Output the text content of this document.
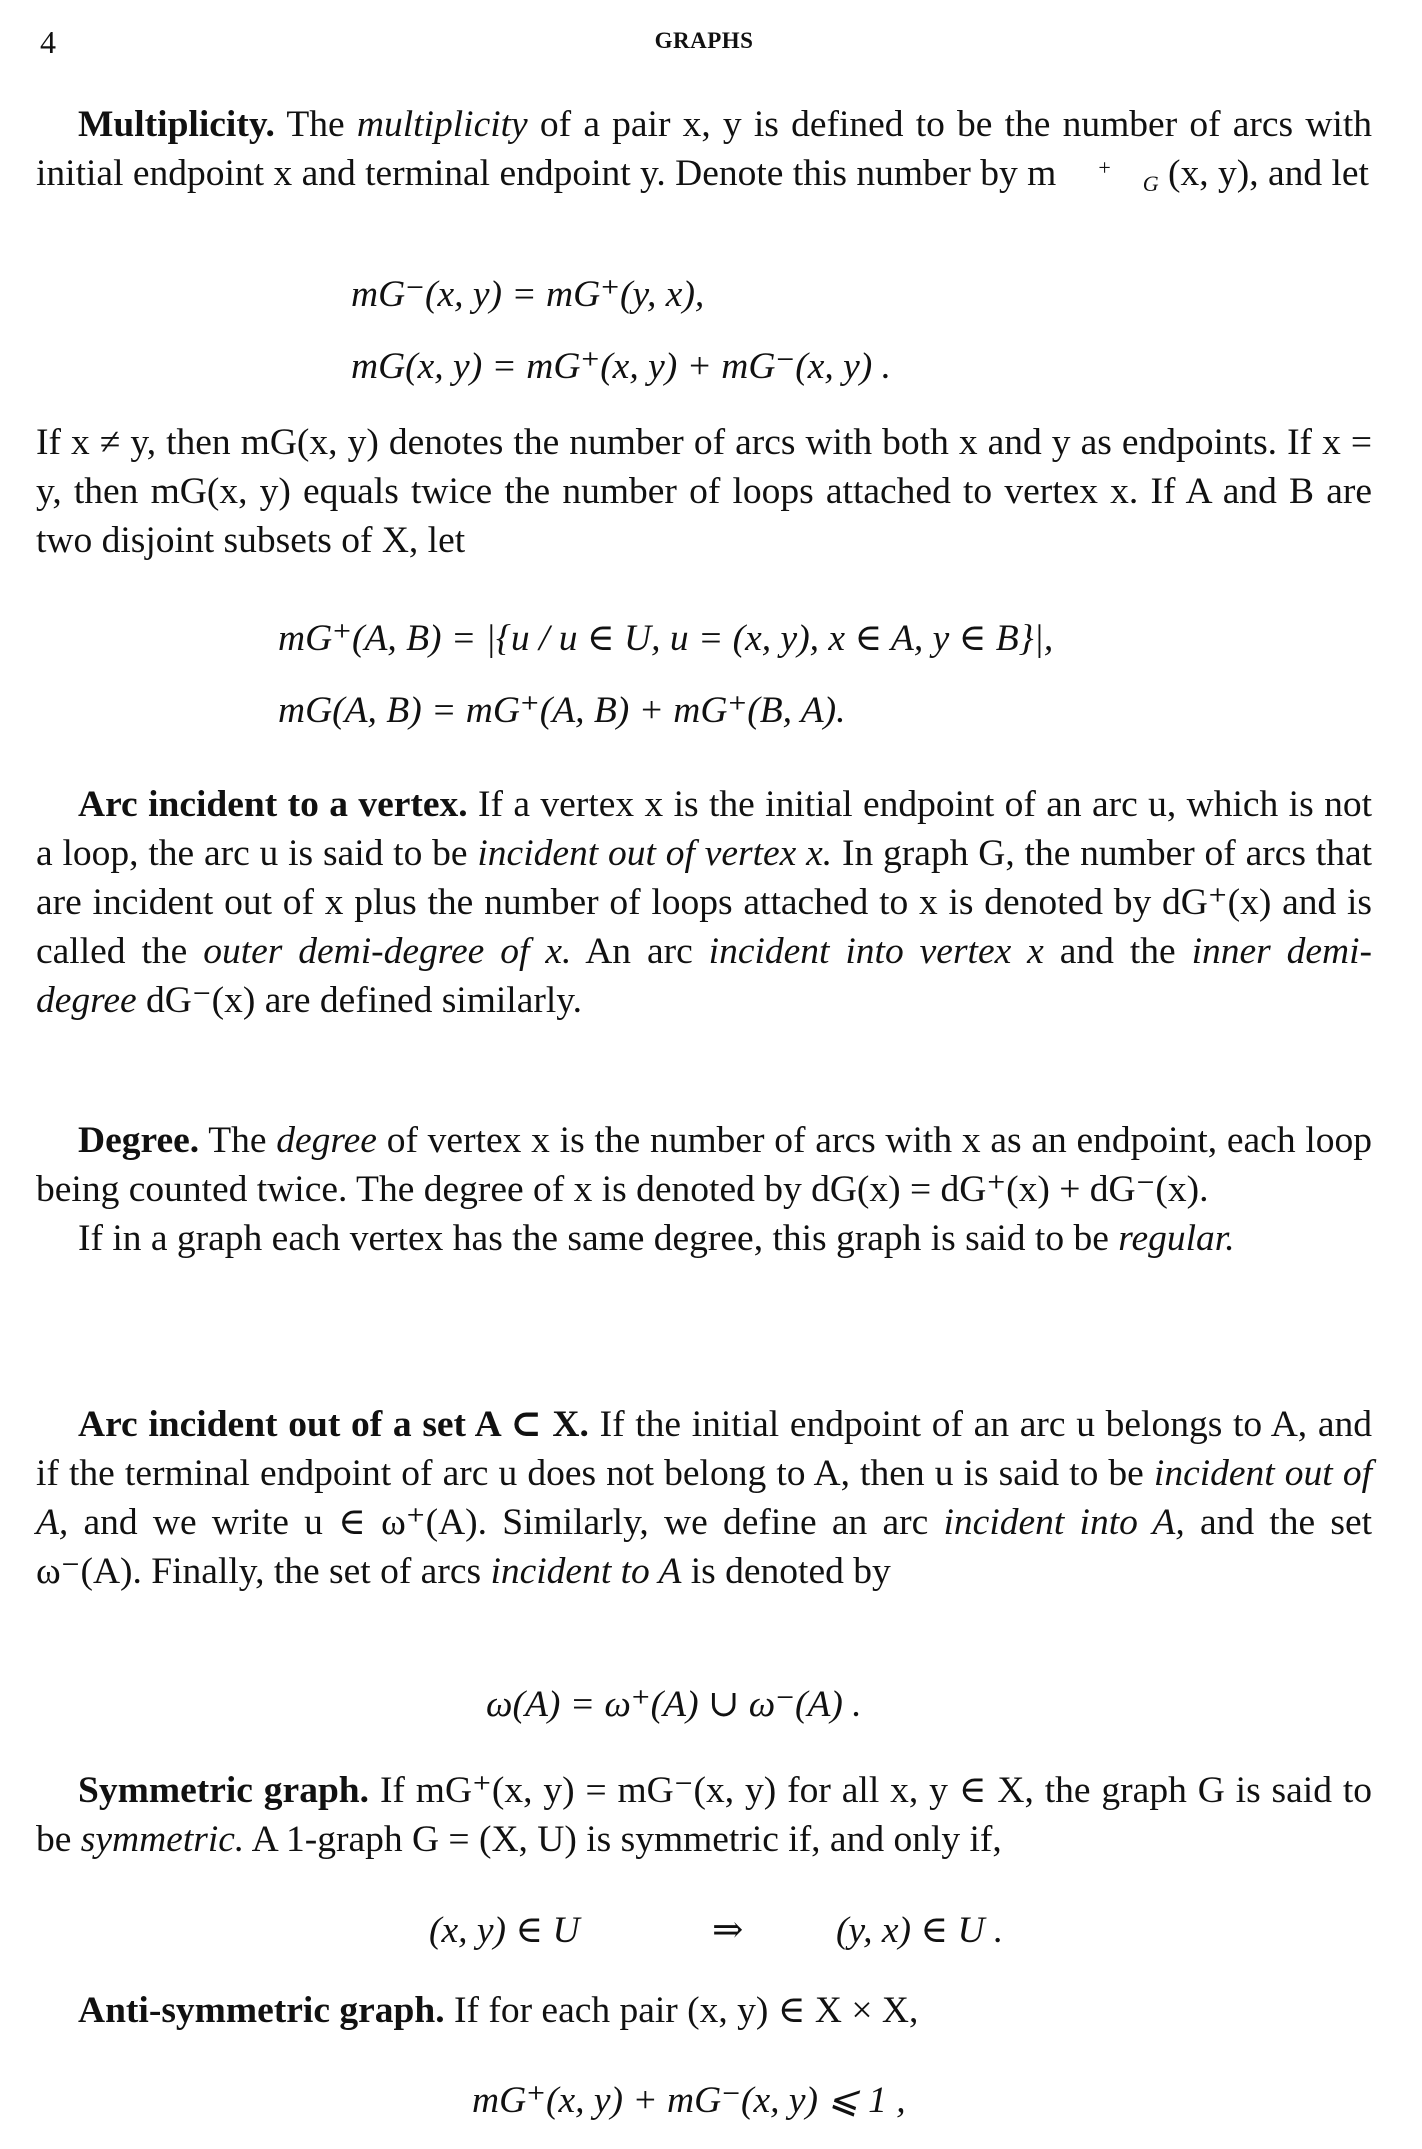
4	GRAPHS

Multiplicity. The multiplicity of a pair x, y is defined to be the number of arcs with initial endpoint x and terminal endpoint y. Denote this number by m +G (x, y), and let

mG⁻(x, y) = mG⁺(y, x),
mG(x, y) = mG⁺(x, y) + mG⁻(x, y) .

If x ≠ y, then mG(x, y) denotes the number of arcs with both x and y as endpoints. If x = y, then mG(x, y) equals twice the number of loops attached to vertex x. If A and B are two disjoint subsets of X, let

mG⁺(A, B) = |{u / u ∈ U, u = (x, y), x ∈ A, y ∈ B}|,
mG(A, B) = mG⁺(A, B) + mG⁺(B, A).

Arc incident to a vertex. If a vertex x is the initial endpoint of an arc u, which is not a loop, the arc u is said to be incident out of vertex x. In graph G, the number of arcs that are incident out of x plus the number of loops attached to x is denoted by dG⁺(x) and is called the outer demi-degree of x. An arc incident into vertex x and the inner demi-degree dG⁻(x) are defined similarly.

Degree. The degree of vertex x is the number of arcs with x as an endpoint, each loop being counted twice. The degree of x is denoted by dG(x) = dG⁺(x) + dG⁻(x).

If in a graph each vertex has the same degree, this graph is said to be regular.

Arc incident out of a set A ⊂ X. If the initial endpoint of an arc u belongs to A, and if the terminal endpoint of arc u does not belong to A, then u is said to be incident out of A, and we write u ∈ ω⁺(A). Similarly, we define an arc incident into A, and the set ω⁻(A). Finally, the set of arcs incident to A is denoted by

ω(A) = ω⁺(A) ∪ ω⁻(A) .

Symmetric graph. If mG⁺(x, y) = mG⁻(x, y) for all x, y ∈ X, the graph G is said to be symmetric. A 1-graph G = (X, U) is symmetric if, and only if,

(x, y) ∈ U	⇒ (y, x) ∈ U .

Anti-symmetric graph. If for each pair (x, y) ∈ X × X,

mG⁺(x, y) + mG⁻(x, y) ⩽ 1 ,
